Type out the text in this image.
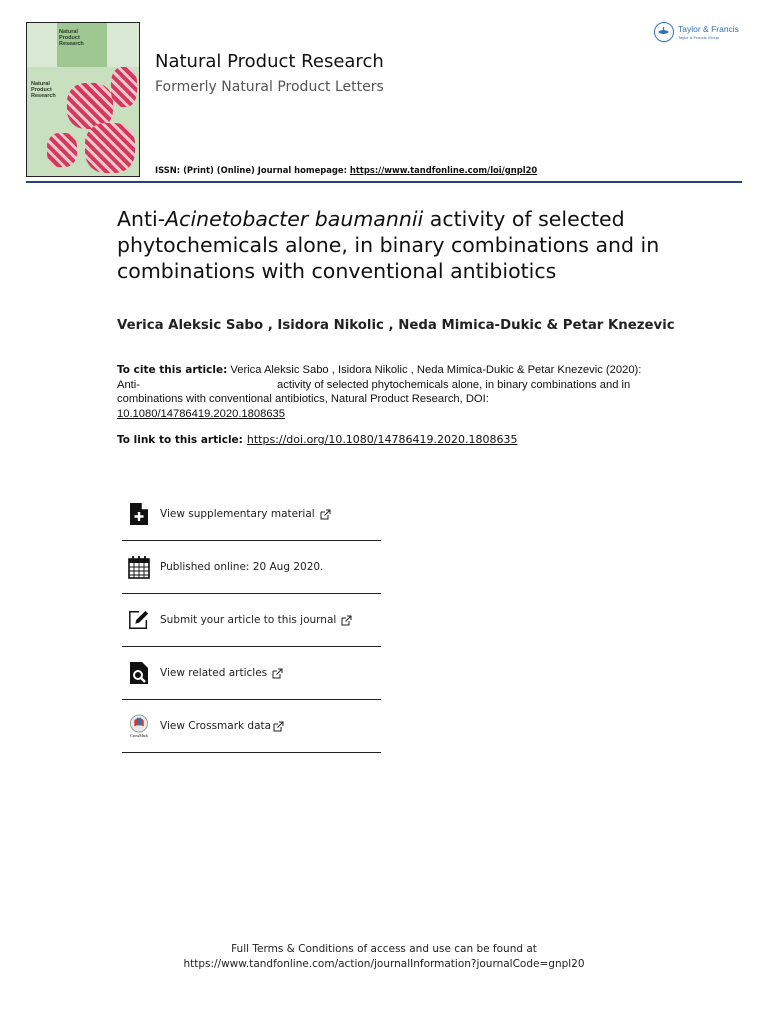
Natural Product Research
Natural Product Research
Natural Product Research
Formerly Natural Product Letters
ISSN: (Print) (Online) Journal homepage: https://www.tandfonline.com/loi/gnpl20
Taylor & Francis
Taylor & Francis Group
Anti-Acinetobacter baumannii activity of selected phytochemicals alone, in binary combinations and in combinations with conventional antibiotics
Verica Aleksic Sabo , Isidora Nikolic , Neda Mimica-Dukic & Petar Knezevic
To cite this article: Verica Aleksic Sabo , Isidora Nikolic , Neda Mimica-Dukic & Petar Knezevic (2020): Anti-	activity of selected phytochemicals alone, in binary combinations and in combinations with conventional antibiotics, Natural Product Research, DOI: 10.1080/14786419.2020.1808635
To link to this article: https://doi.org/10.1080/14786419.2020.1808635
View supplementary material
Published online: 20 Aug 2020.
Submit your article to this journal
View related articles
CrossMark
View Crossmark data
Full Terms & Conditions of access and use can be found at
https://www.tandfonline.com/action/journalInformation?journalCode=gnpl20
